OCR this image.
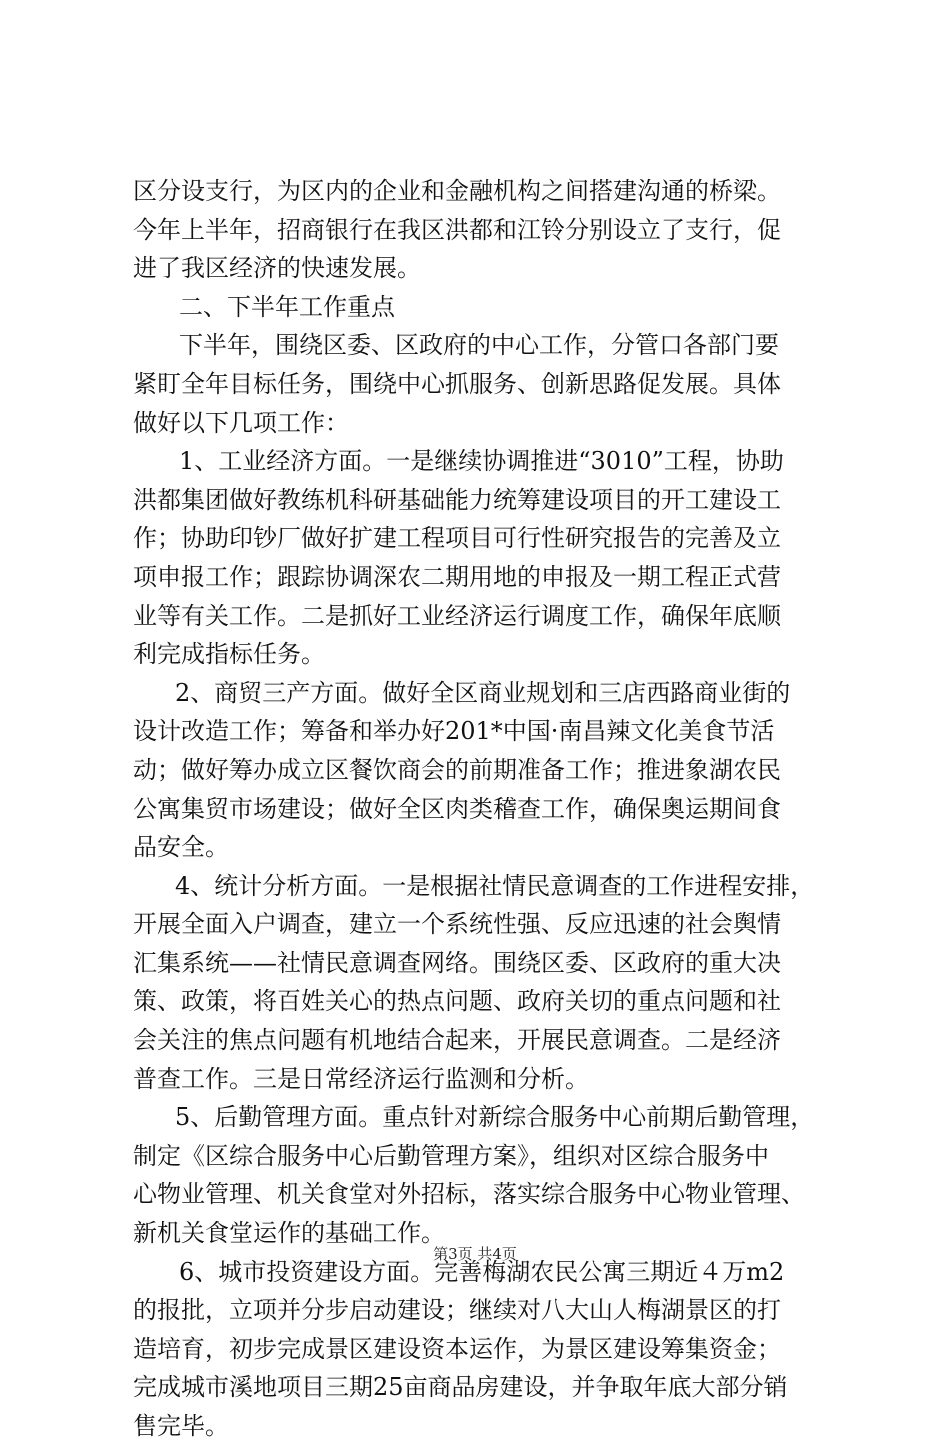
区分设支行，为区内的企业和金融机构之间搭建沟通的桥梁。
今年上半年，招商银行在我区洪都和江铃分别设立了支行，促
进了我区经济的快速发展。
二、下半年工作重点
下半年，围绕区委、区政府的中心工作，分管口各部门要
紧盯全年目标任务，围绕中心抓服务、创新思路促发展。具体
做好以下几项工作：
1、工业经济方面。一是继续协调推进“3010”工程，协助
洪都集团做好教练机科研基础能力统筹建设项目的开工建设工
作；协助印钞厂做好扩建工程项目可行性研究报告的完善及立
项申报工作；跟踪协调深农二期用地的申报及一期工程正式营
业等有关工作。二是抓好工业经济运行调度工作，确保年底顺
利完成指标任务。
2、商贸三产方面。做好全区商业规划和三店西路商业街的
设计改造工作；筹备和举办好201*中国·南昌辣文化美食节活
动；做好筹办成立区餐饮商会的前期准备工作；推进象湖农民
公寓集贸市场建设；做好全区肉类稽查工作，确保奥运期间食
品安全。
4、统计分析方面。一是根据社情民意调查的工作进程安排，
开展全面入户调查，建立一个系统性强、反应迅速的社会舆情
汇集系统——社情民意调查网络。围绕区委、区政府的重大决
策、政策，将百姓关心的热点问题、政府关切的重点问题和社
会关注的焦点问题有机地结合起来，开展民意调查。二是经济
普查工作。三是日常经济运行监测和分析。
5、后勤管理方面。重点针对新综合服务中心前期后勤管理，
制定《区综合服务中心后勤管理方案》，组织对区综合服务中
心物业管理、机关食堂对外招标，落实综合服务中心物业管理、
新机关食堂运作的基础工作。
6、城市投资建设方面。完善梅湖农民公寓三期近４万m2
的报批，立项并分步启动建设；继续对八大山人梅湖景区的打
造培育，初步完成景区建设资本运作，为景区建设筹集资金；
完成城市溪地项目三期25亩商品房建设，并争取年底大部分销
售完毕。
第3页 共4页
